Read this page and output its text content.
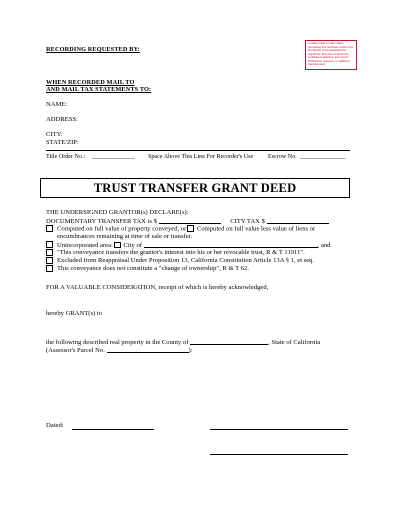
RECORDING REQUESTED BY:
A notary public or other officer completing this certificate verifies only the identity of the individual who signed the document to which this certificate is attached, and not the truthfulness, accuracy, or validity of that document.
WHEN RECORDED MAIL TO
AND MAIL TAX STATEMENTS TO:
NAME:
ADDRESS:
CITY:
STATE/ZIP:
Title Order No.: ______________ Space Above This Line For Recorder's Use Escrow No. _______________
TRUST TRANSFER GRANT DEED
THE UNDERSIGNED GRANTOR(s) DECLARE(s):
DOCUMENTARY TRANSFER TAX is $	CITY TAX $
Computed on full value of property conveyed, or Computed on full value less value of liens or
encumbrances remaining at time of sale or transfer.
Unincorporated area: City of	, and
"This conveyance transfers the grantor's interest into his or her revocable trust, R & T 11911".
Excluded from Reappraisal Under Proposition 13, California Constitution Article 13A § 1, et seq.
This conveyance does not constitute a "change of ownership", R & T 62.
FOR A VALUABLE CONSIDERATION, receipt of which is hereby acknowledged,
hereby GRANT(s) to
the following described real property in the County of	, State of California
(Assessor's Parcel No.	):
Dated:
